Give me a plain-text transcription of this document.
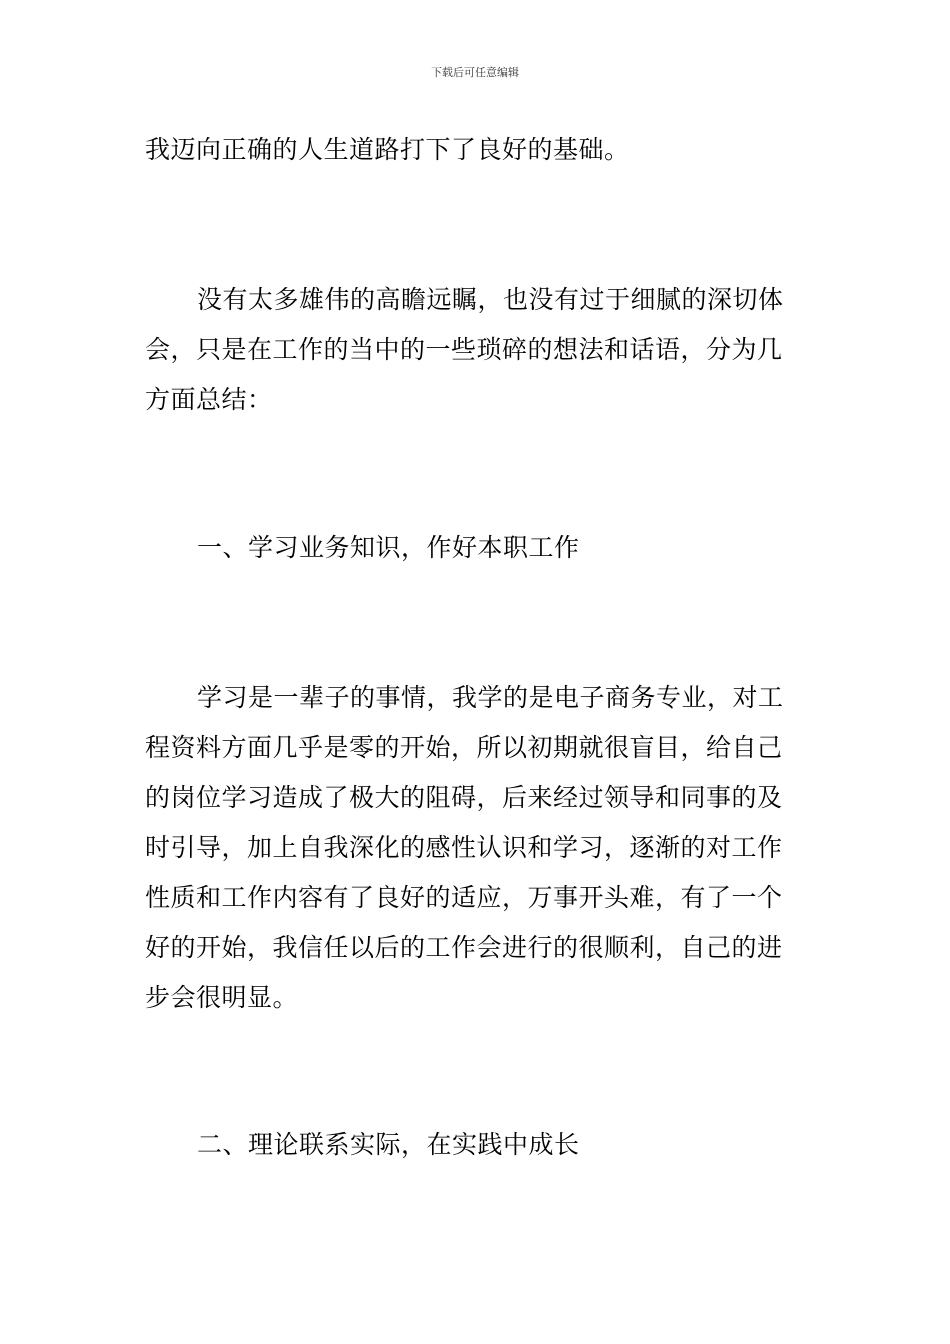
下载后可任意编辑

我迈向正确的人生道路打下了良好的基础。

没有太多雄伟的高瞻远瞩，也没有过于细腻的深切体会，只是在工作的当中的一些琐碎的想法和话语，分为几方面总结：

一、学习业务知识，作好本职工作

学习是一辈子的事情，我学的是电子商务专业，对工程资料方面几乎是零的开始，所以初期就很盲目，给自己的岗位学习造成了极大的阻碍，后来经过领导和同事的及时引导，加上自我深化的感性认识和学习，逐渐的对工作性质和工作内容有了良好的适应，万事开头难，有了一个好的开始，我信任以后的工作会进行的很顺利，自己的进步会很明显。

二、理论联系实际，在实践中成长
